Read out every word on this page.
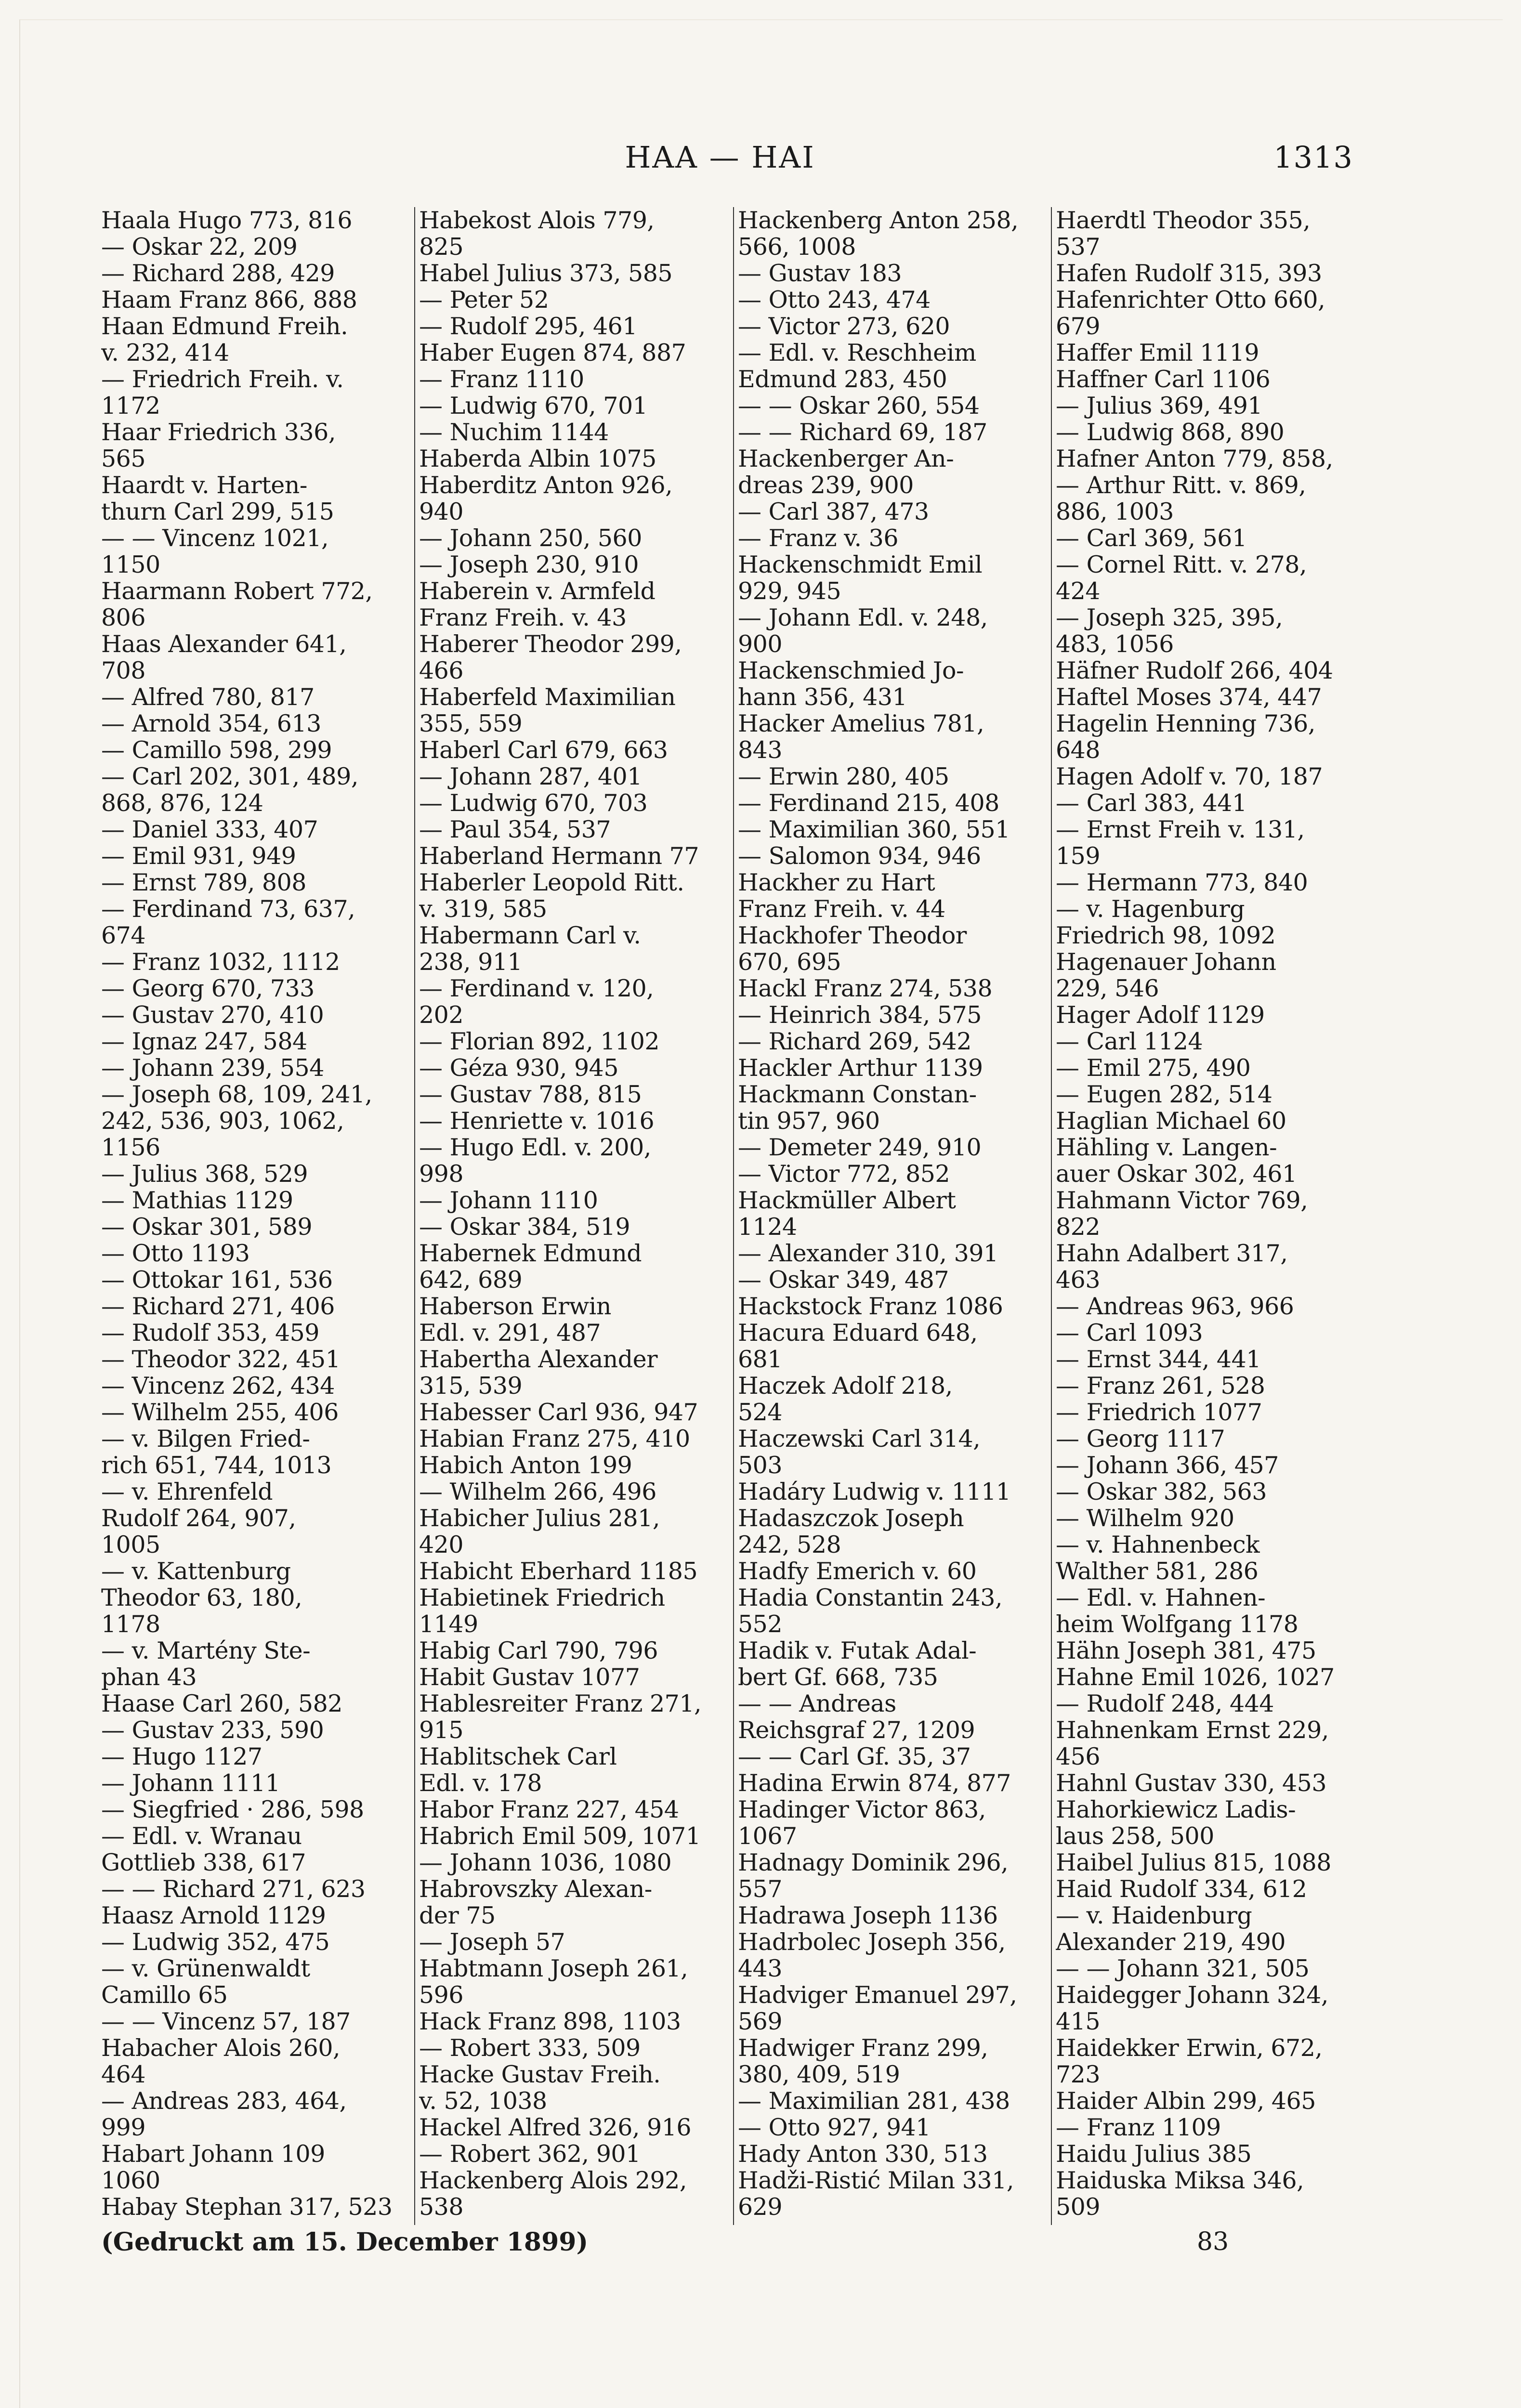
HAA — HAI	1313
Haala Hugo 773, 816
— Oskar 22, 209
— Richard 288, 429
Haam Franz 866, 888
Haan Edmund Freih.
v. 232, 414
— Friedrich Freih. v.
1172
Haar Friedrich 336,
565
Haardt v. Harten-
thurn Carl 299, 515
— — Vincenz 1021,
1150
Haarmann Robert 772,
806
Haas Alexander 641,
708
— Alfred 780, 817
— Arnold 354, 613
— Camillo 598, 299
— Carl 202, 301, 489,
868, 876, 124
— Daniel 333, 407
— Emil 931, 949
— Ernst 789, 808
— Ferdinand 73, 637,
674
— Franz 1032, 1112
— Georg 670, 733
— Gustav 270, 410
— Ignaz 247, 584
— Johann 239, 554
— Joseph 68, 109, 241,
242, 536, 903, 1062,
1156
— Julius 368, 529
— Mathias 1129
— Oskar 301, 589
— Otto 1193
— Ottokar 161, 536
— Richard 271, 406
— Rudolf 353, 459
— Theodor 322, 451
— Vincenz 262, 434
— Wilhelm 255, 406
— v. Bilgen Fried-
rich 651, 744, 1013
— v. Ehrenfeld
Rudolf 264, 907,
1005
— v. Kattenburg
Theodor 63, 180,
1178
— v. Martény Ste-
phan 43
Haase Carl 260, 582
— Gustav 233, 590
— Hugo 1127
— Johann 1111
— Siegfried · 286, 598
— Edl. v. Wranau
Gottlieb 338, 617
— — Richard 271, 623
Haasz Arnold 1129
— Ludwig 352, 475
— v. Grünenwaldt
Camillo 65
— — Vincenz 57, 187
Habacher Alois 260,
464
— Andreas 283, 464,
999
Habart Johann 109
1060
Habay Stephan 317, 523
Habekost Alois 779,
825
Habel Julius 373, 585
— Peter 52
— Rudolf 295, 461
Haber Eugen 874, 887
— Franz 1110
— Ludwig 670, 701
— Nuchim 1144
Haberda Albin 1075
Haberditz Anton 926,
940
— Johann 250, 560
— Joseph 230, 910
Haberein v. Armfeld
Franz Freih. v. 43
Haberer Theodor 299,
466
Haberfeld Maximilian
355, 559
Haberl Carl 679, 663
— Johann 287, 401
— Ludwig 670, 703
— Paul 354, 537
Haberland Hermann 77
Haberler Leopold Ritt.
v. 319, 585
Habermann Carl v.
238, 911
— Ferdinand v. 120,
202
— Florian 892, 1102
— Géza 930, 945
— Gustav 788, 815
— Henriette v. 1016
— Hugo Edl. v. 200,
998
— Johann 1110
— Oskar 384, 519
Habernek Edmund
642, 689
Haberson Erwin
Edl. v. 291, 487
Habertha Alexander
315, 539
Habesser Carl 936, 947
Habian Franz 275, 410
Habich Anton 199
— Wilhelm 266, 496
Habicher Julius 281,
420
Habicht Eberhard 1185
Habietinek Friedrich
1149
Habig Carl 790, 796
Habit Gustav 1077
Hablesreiter Franz 271,
915
Hablitschek Carl
Edl. v. 178
Habor Franz 227, 454
Habrich Emil 509, 1071
— Johann 1036, 1080
Habrovszky Alexan-
der 75
— Joseph 57
Habtmann Joseph 261,
596
Hack Franz 898, 1103
— Robert 333, 509
Hacke Gustav Freih.
v. 52, 1038
Hackel Alfred 326, 916
— Robert 362, 901
Hackenberg Alois 292,
538
Hackenberg Anton 258,
566, 1008
— Gustav 183
— Otto 243, 474
— Victor 273, 620
— Edl. v. Reschheim
Edmund 283, 450
— — Oskar 260, 554
— — Richard 69, 187
Hackenberger An-
dreas 239, 900
— Carl 387, 473
— Franz v. 36
Hackenschmidt Emil
929, 945
— Johann Edl. v. 248,
900
Hackenschmied Jo-
hann 356, 431
Hacker Amelius 781,
843
— Erwin 280, 405
— Ferdinand 215, 408
— Maximilian 360, 551
— Salomon 934, 946
Hackher zu Hart
Franz Freih. v. 44
Hackhofer Theodor
670, 695
Hackl Franz 274, 538
— Heinrich 384, 575
— Richard 269, 542
Hackler Arthur 1139
Hackmann Constan-
tin 957, 960
— Demeter 249, 910
— Victor 772, 852
Hackmüller Albert
1124
— Alexander 310, 391
— Oskar 349, 487
Hackstock Franz 1086
Hacura Eduard 648,
681
Haczek Adolf 218,
524
Haczewski Carl 314,
503
Hadáry Ludwig v. 1111
Hadaszczok Joseph
242, 528
Hadfy Emerich v. 60
Hadia Constantin 243,
552
Hadik v. Futak Adal-
bert Gf. 668, 735
— — Andreas
Reichsgraf 27, 1209
— — Carl Gf. 35, 37
Hadina Erwin 874, 877
Hadinger Victor 863,
1067
Hadnagy Dominik 296,
557
Hadrawa Joseph 1136
Hadrbolec Joseph 356,
443
Hadviger Emanuel 297,
569
Hadwiger Franz 299,
380, 409, 519
— Maximilian 281, 438
— Otto 927, 941
Hady Anton 330, 513
Hadži-Ristić Milan 331,
629
Haerdtl Theodor 355,
537
Hafen Rudolf 315, 393
Hafenrichter Otto 660,
679
Haffer Emil 1119
Haffner Carl 1106
— Julius 369, 491
— Ludwig 868, 890
Hafner Anton 779, 858,
— Arthur Ritt. v. 869,
886, 1003
— Carl 369, 561
— Cornel Ritt. v. 278,
424
— Joseph 325, 395,
483, 1056
Häfner Rudolf 266, 404
Haftel Moses 374, 447
Hagelin Henning 736,
648
Hagen Adolf v. 70, 187
— Carl 383, 441
— Ernst Freih v. 131,
159
— Hermann 773, 840
— v. Hagenburg
Friedrich 98, 1092
Hagenauer Johann
229, 546
Hager Adolf 1129
— Carl 1124
— Emil 275, 490
— Eugen 282, 514
Haglian Michael 60
Hähling v. Langen-
auer Oskar 302, 461
Hahmann Victor 769,
822
Hahn Adalbert 317,
463
— Andreas 963, 966
— Carl 1093
— Ernst 344, 441
— Franz 261, 528
— Friedrich 1077
— Georg 1117
— Johann 366, 457
— Oskar 382, 563
— Wilhelm 920
— v. Hahnenbeck
Walther 581, 286
— Edl. v. Hahnen-
heim Wolfgang 1178
Hähn Joseph 381, 475
Hahne Emil 1026, 1027
— Rudolf 248, 444
Hahnenkam Ernst 229,
456
Hahnl Gustav 330, 453
Hahorkiewicz Ladis-
laus 258, 500
Haibel Julius 815, 1088
Haid Rudolf 334, 612
— v. Haidenburg
Alexander 219, 490
— — Johann 321, 505
Haidegger Johann 324,
415
Haidekker Erwin, 672,
723
Haider Albin 299, 465
— Franz 1109
Haidu Julius 385
Haiduska Miksa 346,
509
(Gedruckt am 15. December 1899)	83
